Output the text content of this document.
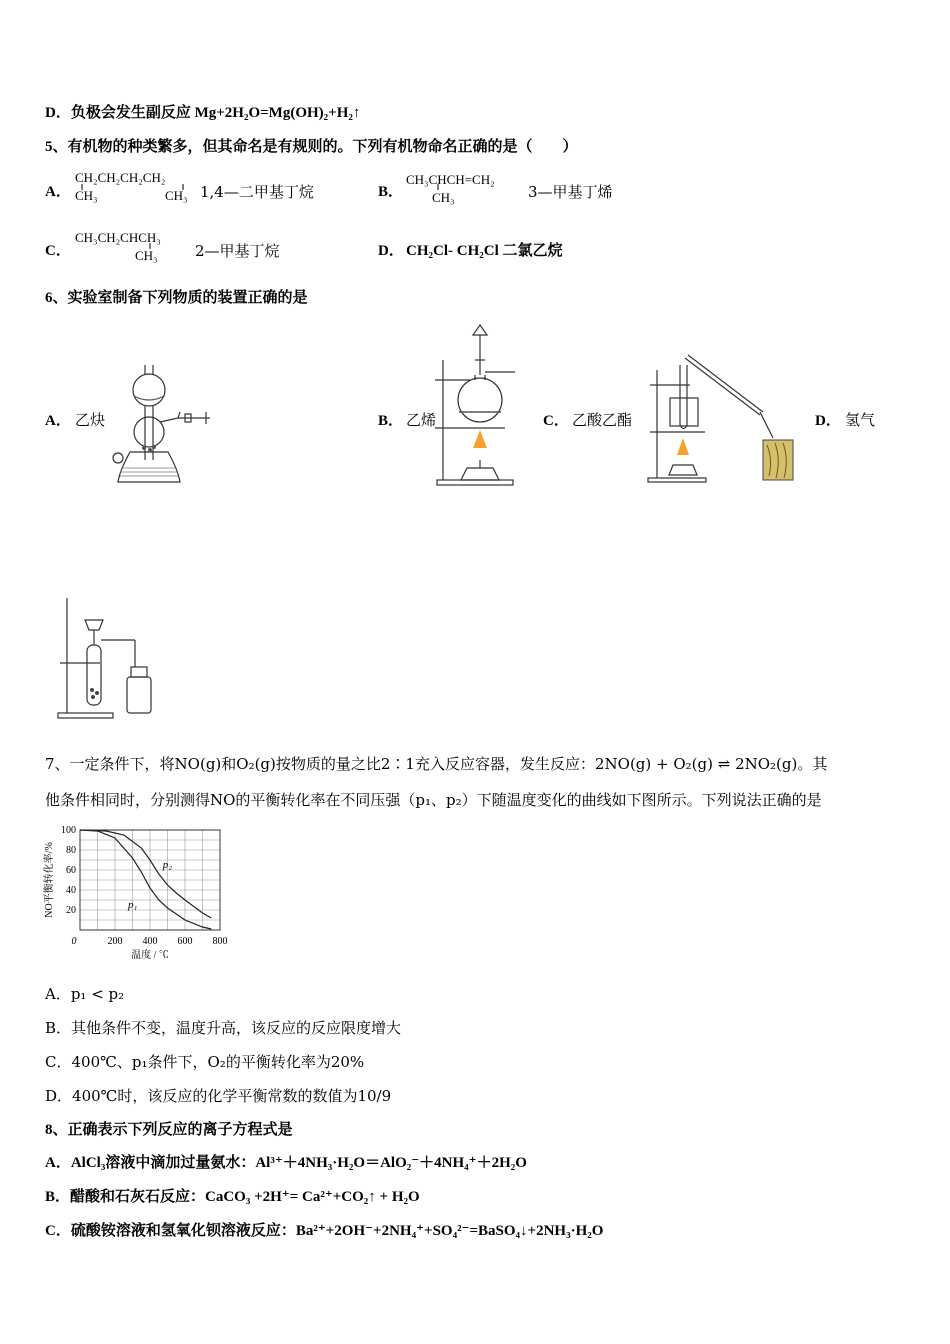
D．负极会发生副反应 Mg+2H₂O=Mg(OH)₂+H₂↑
5、有机物的种类繁多，但其命名是有规则的。下列有机物命名正确的是（　　）
A．
CH₂CH₂CH₂CH₂
CH₃	CH₃ 1,4—二甲基丁烷	B．
CH₃CHCH=CH₂
CH₃	3—甲基丁烯
C．
CH₃CH₂CHCH₃
CH₃ 2—甲基丁烷	D． CH₂Cl- CH₂Cl 二氯乙烷
6、实验室制备下列物质的装置正确的是
A． 乙炔	B． 乙烯	C． 乙酸乙酯	D． 氢气
7、一定条件下，将NO(g)和O₂(g)按物质的量之比2∶1充入反应容器，发生反应：2NO(g) + O₂(g) ⇌ 2NO₂(g)。其
他条件相同时，分别测得NO的平衡转化率在不同压强（p₁、p₂）下随温度变化的曲线如下图所示。下列说法正确的是
0	200 400 600 800
20
40
60
80
100
温度 / ℃
NO平衡转化率/%	p₁
p₂
A．p₁ < p₂
B．其他条件不变，温度升高，该反应的反应限度增大
C．400℃、p₁条件下，O₂的平衡转化率为20%
D．400℃时，该反应的化学平衡常数的数值为10/9
8、正确表示下列反应的离子方程式是
A．AlCl₃溶液中滴加过量氨水：Al³⁺＋4NH₃·H₂O＝AlO₂⁻＋4NH₄⁺＋2H₂O
B．醋酸和石灰石反应：CaCO₃ +2H⁺= Ca²⁺+CO₂↑ + H₂O
C．硫酸铵溶液和氢氧化钡溶液反应：Ba²⁺+2OH⁻+2NH₄⁺+SO₄²⁻=BaSO₄↓+2NH₃·H₂O
